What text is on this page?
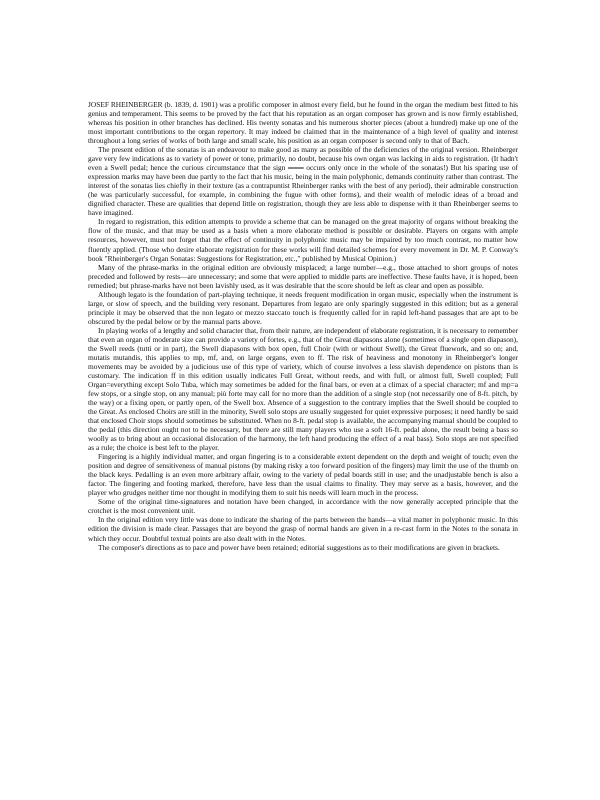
JOSEF RHEINBERGER (b. 1839, d. 1901) was a prolific composer in almost every field, but he found in the organ the medium best fitted to his genius and temperament. This seems to be proved by the fact that his reputation as an organ composer has grown and is now firmly established, whereas his position in other branches has declined. His twenty sonatas and his numerous shorter pieces (about a hundred) make up one of the most important contributions to the organ repertory. It may indeed be claimed that in the maintenance of a high level of quality and interest throughout a long series of works of both large and small scale, his position as an organ composer is second only to that of Bach.

The present edition of the sonatas is an endeavour to make good as many as possible of the deficiencies of the original version. Rheinberger gave very few indications as to variety of power or tone, primarily, no doubt, because his own organ was lacking in aids to registration. (It hadn't even a Swell pedal; hence the curious circumstance that the sign ═══ occurs only once in the whole of the sonatas!) But his sparing use of expression marks may have been due partly to the fact that his music, being in the main polyphonic, demands continuity rather than contrast. The interest of the sonatas lies chiefly in their texture (as a contrapuntist Rheinberger ranks with the best of any period), their admirable construction (he was particularly successful, for example, in combining the fugue with other forms), and their wealth of melodic ideas of a broad and dignified character. These are qualities that depend little on registration, though they are less able to dispense with it than Rheinberger seems to have imagined.

In regard to registration, this edition attempts to provide a scheme that can be managed on the great majority of organs without breaking the flow of the music, and that may be used as a basis when a more elaborate method is possible or desirable. Players on organs with ample resources, however, must not forget that the effect of continuity in polyphonic music may be impaired by too much contrast, no matter how fluently applied. (Those who desire elaborate registration for these works will find detailed schemes for every movement in Dr. M. P. Conway's book "Rheinberger's Organ Sonatas: Suggestions for Registration, etc.," published by Musical Opinion.)

Many of the phrase-marks in the original edition are obviously misplaced; a large number—e.g., those attached to short groups of notes preceded and followed by rests—are unnecessary; and some that were applied to middle parts are ineffective. These faults have, it is hoped, been remedied; but phrase-marks have not been lavishly used, as it was desirable that the score should be left as clear and open as possible.

Although legato is the foundation of part-playing technique, it needs frequent modification in organ music, especially when the instrument is large, or slow of speech, and the building very resonant. Departures from legato are only sparingly suggested in this edition; but as a general principle it may be observed that the non legato or mezzo staccato touch is frequently called for in rapid left-hand passages that are apt to be obscured by the pedal below or by the manual parts above.

In playing works of a lengthy and solid character that, from their nature, are independent of elaborate registration, it is necessary to remember that even an organ of moderate size can provide a variety of fortes, e.g., that of the Great diapasons alone (sometimes of a single open diapason), the Swell reeds (tutti or in part), the Swell diapasons with box open, full Choir (with or without Swell), the Great fluework, and so on; and, mutatis mutandis, this applies to mp, mf, and, on large organs, even to ff. The risk of heaviness and monotony in Rheinberger's longer movements may be avoided by a judicious use of this type of variety, which of course involves a less slavish dependence on pistons than is customary. The indication ff in this edition usually indicates Full Great, without reeds, and with full, or almost full, Swell coupled; Full Organ=everything except Solo Tuba, which may sometimes be added for the final bars, or even at a climax of a special character; mf and mp=a few stops, or a single stop, on any manual; più forte may call for no more than the addition of a single stop (not necessarily one of 8-ft. pitch, by the way) or a fixing open, or partly open, of the Swell box. Absence of a suggestion to the contrary implies that the Swell should be coupled to the Great. As enclosed Choirs are still in the minority, Swell solo stops are usually suggested for quiet expressive purposes; it need hardly be said that enclosed Choir stops should sometimes be substituted. When no 8-ft. pedal stop is available, the accompanying manual should be coupled to the pedal (this direction ought not to be necessary, but there are still many players who use a soft 16-ft. pedal alone, the result being a bass so woolly as to bring about an occasional dislocation of the harmony, the left hand producing the effect of a real bass). Solo stops are not specified as a rule; the choice is best left to the player.

Fingering is a highly individual matter, and organ fingering is to a considerable extent dependent on the depth and weight of touch; even the position and degree of sensitiveness of manual pistons (by making risky a too forward position of the fingers) may limit the use of the thumb on the black keys. Pedalling is an even more arbitrary affair, owing to the variety of pedal boards still in use; and the unadjustable bench is also a factor. The fingering and footing marked, therefore, have less than the usual claims to finality. They may serve as a basis, however, and the player who grudges neither time nor thought in modifying them to suit his needs will learn much in the process.

Some of the original time-signatures and notation have been changed, in accordance with the now generally accepted principle that the crotchet is the most convenient unit.

In the original edition very little was done to indicate the sharing of the parts between the hands—a vital matter in polyphonic music. In this edition the division is made clear. Passages that are beyond the grasp of normal hands are given in a re-cast form in the Notes to the sonata in which they occur. Doubtful textual points are also dealt with in the Notes.

The composer's directions as to pace and power have been retained; editorial suggestions as to their modifications are given in brackets.
